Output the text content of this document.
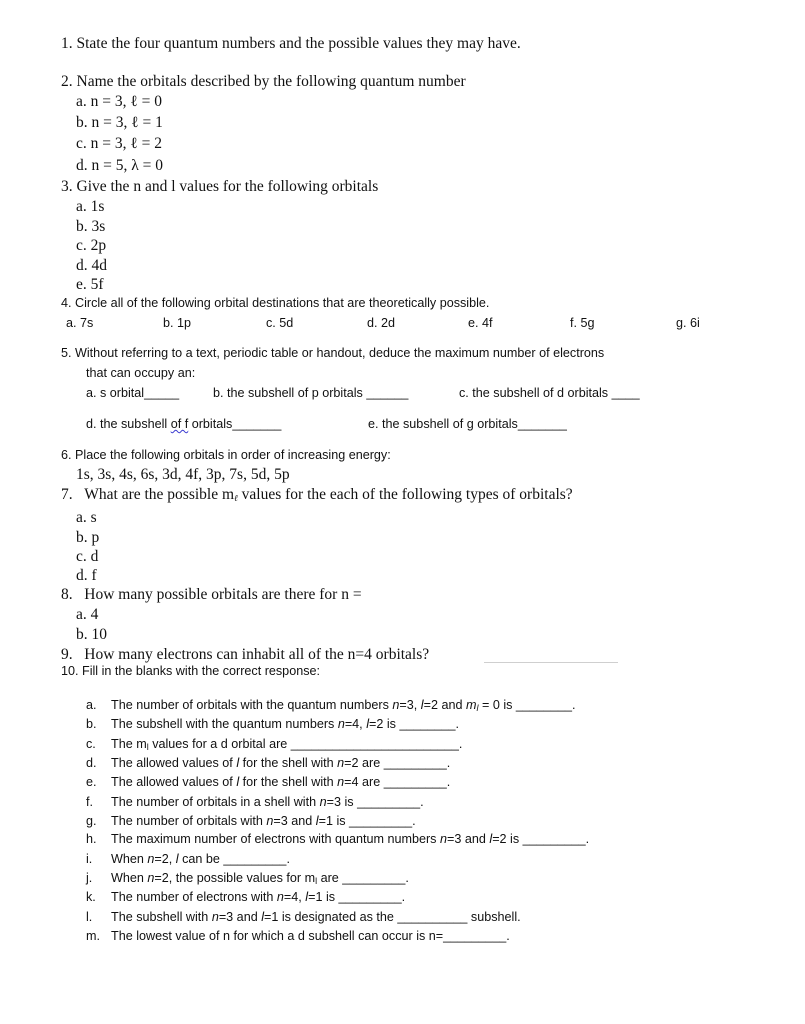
1. State the four quantum numbers and the possible values they may have.
2. Name the orbitals described by the following quantum number
a. n = 3, ℓ = 0
b. n = 3, ℓ = 1
c. n = 3, ℓ = 2
d. n = 5, λ = 0
3. Give the n and l values for the following orbitals
a. 1s
b. 3s
c. 2p
d. 4d
e. 5f
4. Circle all of the following orbital destinations that are theoretically possible.
a. 7s	b. 1p	c. 5d	d. 2d	e. 4f	f. 5g	g. 6i
5. Without referring to a text, periodic table or handout, deduce the maximum number of electrons
that can occupy an:
a. s orbital_____	b. the subshell of p orbitals ______	c. the subshell of d orbitals ____
d. the subshell of f orbitals_______	e. the subshell of g orbitals_______
6. Place the following orbitals in order of increasing energy:
1s, 3s, 4s, 6s, 3d, 4f, 3p, 7s, 5d, 5p
7. What are the possible $m_\ell$ values for the each of the following types of orbitals?
a. s
b. p
c. d
d. f
8. How many possible orbitals are there for n =
a. 4
b. 10
9. How many electrons can inhabit all of the n=4 orbitals?
10. Fill in the blanks with the correct response:
a. The number of orbitals with the quantum numbers n=3, l=2 and $m_l = 0$ is ________.
b. The subshell with the quantum numbers n=4, l=2 is ________.
c. The $m_l$ values for a d orbital are ________________________.
d. The allowed values of l for the shell with n=2 are _________.
e. The allowed values of l for the shell with n=4 are _________.
f. The number of orbitals in a shell with n=3 is _________.
g. The number of orbitals with n=3 and l=1 is _________.
h. The maximum number of electrons with quantum numbers n=3 and l=2 is _________.
i. When n=2, l can be _________.
j. When n=2, the possible values for $m_l$ are _________.
k. The number of electrons with n=4, l=1 is _________.
l. The subshell with n=3 and l=1 is designated as the __________ subshell.
m. The lowest value of n for which a d subshell can occur is n=_________.
